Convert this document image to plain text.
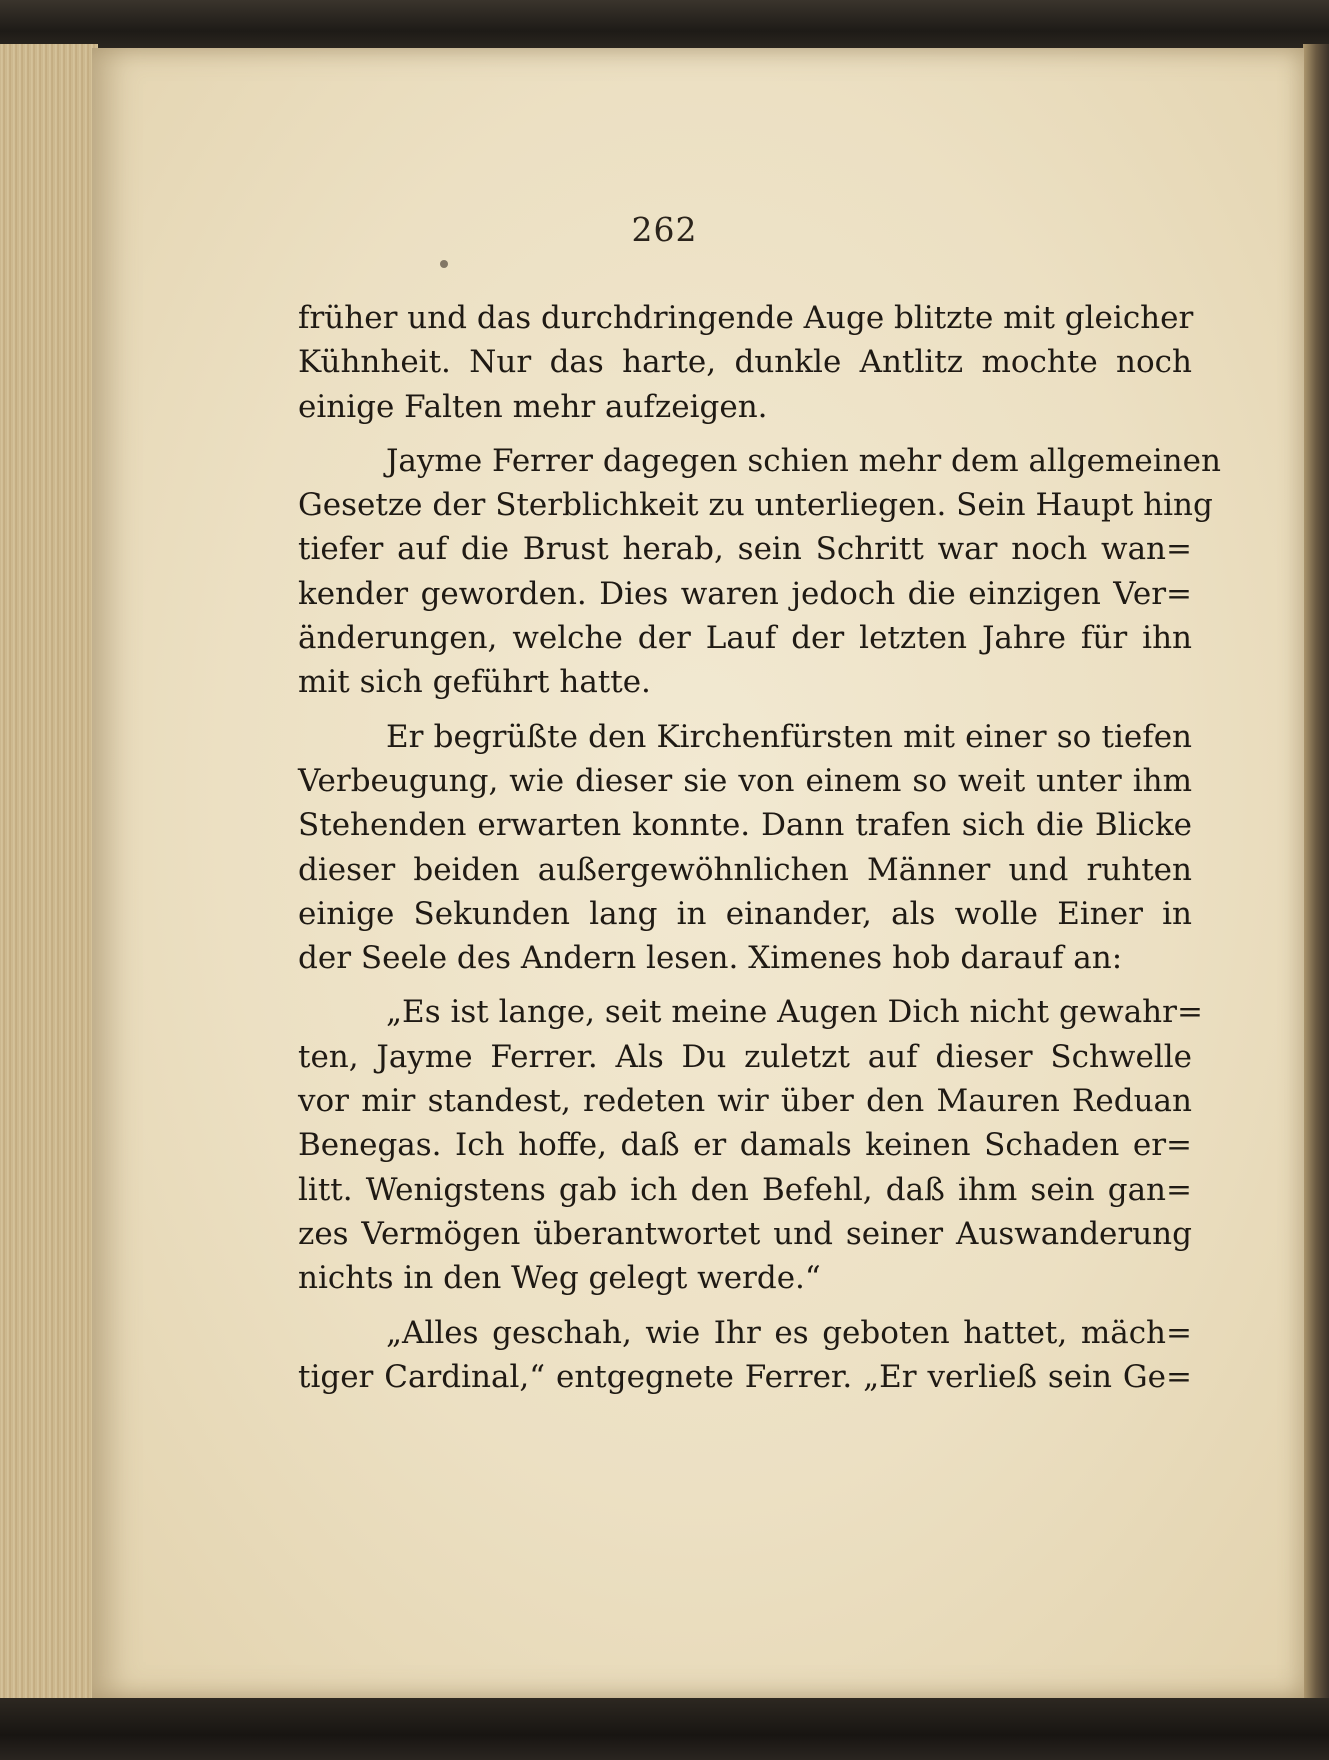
262
früher und das durchdringende Auge blitzte mit gleicher
Kühnheit. Nur das harte, dunkle Antlitz mochte noch
einige Falten mehr aufzeigen.
Jayme Ferrer dagegen schien mehr dem allgemeinen
Gesetze der Sterblichkeit zu unterliegen. Sein Haupt hing
tiefer auf die Brust herab, sein Schritt war noch wan=
kender geworden. Dies waren jedoch die einzigen Ver=
änderungen, welche der Lauf der letzten Jahre für ihn
mit sich geführt hatte.
Er begrüßte den Kirchenfürsten mit einer so tiefen
Verbeugung, wie dieser sie von einem so weit unter ihm
Stehenden erwarten konnte. Dann trafen sich die Blicke
dieser beiden außergewöhnlichen Männer und ruhten
einige Sekunden lang in einander, als wolle Einer in
der Seele des Andern lesen. Ximenes hob darauf an:
„Es ist lange, seit meine Augen Dich nicht gewahr=
ten, Jayme Ferrer. Als Du zuletzt auf dieser Schwelle
vor mir standest, redeten wir über den Mauren Reduan
Benegas. Ich hoffe, daß er damals keinen Schaden er=
litt. Wenigstens gab ich den Befehl, daß ihm sein gan=
zes Vermögen überantwortet und seiner Auswanderung
nichts in den Weg gelegt werde.“
„Alles geschah, wie Ihr es geboten hattet, mäch=
tiger Cardinal,“ entgegnete Ferrer. „Er verließ sein Ge=
